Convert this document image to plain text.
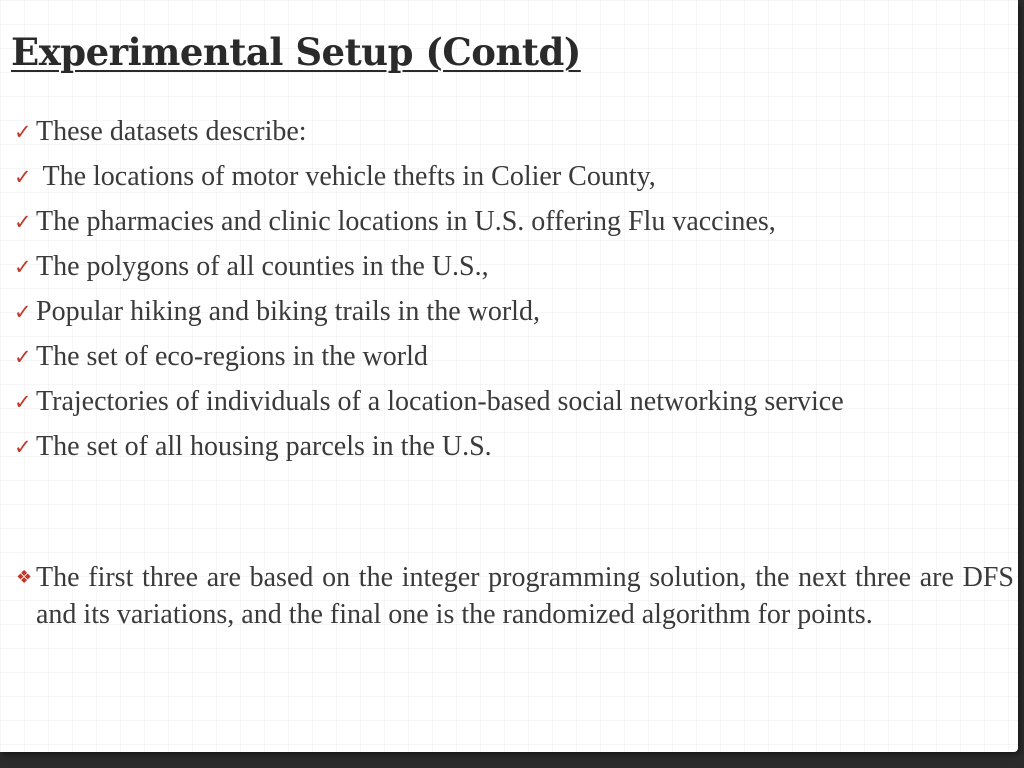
Experimental Setup (Contd)
✓ These datasets describe:
✓ The locations of motor vehicle thefts in Colier County,
✓ The pharmacies and clinic locations in U.S. offering Flu vaccines,
✓ The polygons of all counties in the U.S.,
✓ Popular hiking and biking trails in the world,
✓ The set of eco-regions in the world
✓ Trajectories of individuals of a location-based social networking service
✓ The set of all housing parcels in the U.S.
❖ The first three are based on the integer programming solution, the next three are DFS and its variations, and the final one is the randomized algorithm for points.
